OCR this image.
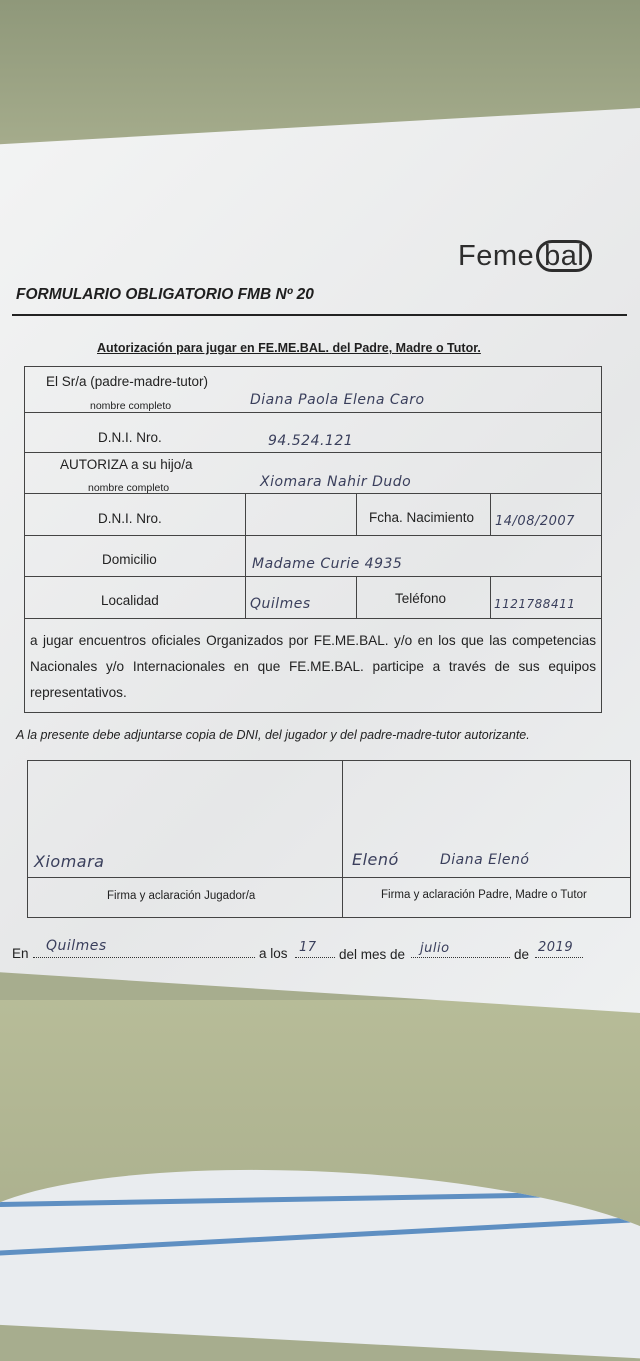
Feme bal
FORMULARIO OBLIGATORIO FMB Nº 20
Autorización para jugar en FE.ME.BAL. del Padre, Madre o Tutor.
El Sr/a (padre-madre-tutor)
nombre completo	Diana Paola Elena Caro
D.N.I. Nro.	94.524.121
AUTORIZA a su hijo/a
nombre completo	Xiomara Nahir Dudo
D.N.I. Nro.	Fcha. Nacimiento 14/08/2007
Domicilio	Madame Curie 4935
Localidad	Quilmes	Teléfono	1121788411
a jugar encuentros oficiales Organizados por FE.ME.BAL. y/o en los que las competencias Nacionales y/o Internacionales en que FE.ME.BAL. participe a través de sus equipos representativos.
A la presente debe adjuntarse copia de DNI, del jugador y del padre-madre-tutor autorizante.
Xiomara	Elenó	Diana Elenó
Firma y aclaración Jugador/a	Firma y aclaración Padre, Madre o Tutor
En Quilmes	a los 17 del mes de julio	de 2019
